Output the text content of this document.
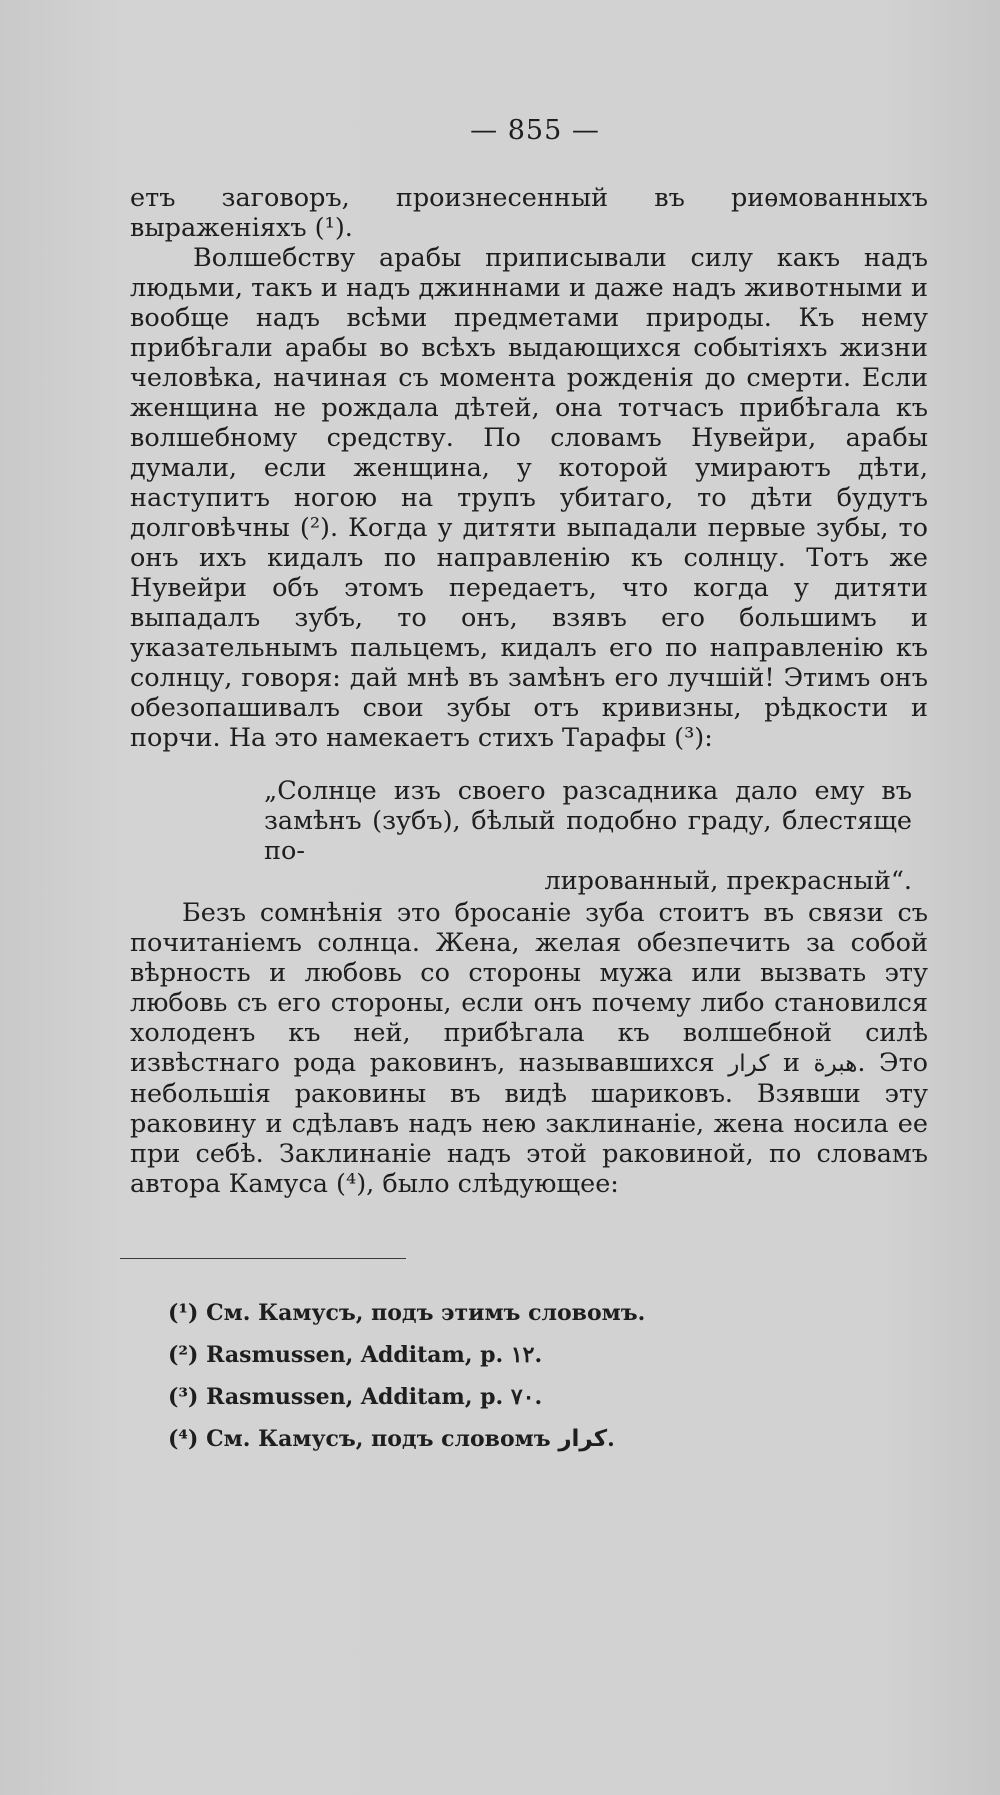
— 855 —

етъ заговоръ, произнесенный въ риѳмованныхъ выраженiяхъ (¹).

Волшебству арабы приписывали силу какъ надъ людьми, такъ и надъ джиннами и даже надъ животными и вообще надъ всѣми предметами природы. Къ нему прибѣгали арабы во всѣхъ выдающихся событiяхъ жизни человѣка, начиная съ момента рожденiя до смерти. Если женщина не рождала дѣтей, она тотчасъ прибѣгала къ волшебному средству. По словамъ Нувейри, арабы думали, если женщина, у которой умираютъ дѣти, наступитъ ногою на трупъ убитаго, то дѣти будутъ долговѣчны (²). Когда у дитяти выпадали первые зубы, то онъ ихъ кидалъ по направленiю къ солнцу. Тотъ же Нувейри объ этомъ передаетъ, что когда у дитяти выпадалъ зубъ, то онъ, взявъ его большимъ и указательнымъ пальцемъ, кидалъ его по направленiю къ солнцу, говоря: дай мнѣ въ замѣнъ его лучшiй! Этимъ онъ обезопашивалъ свои зубы отъ кривизны, рѣдкости и порчи. На это намекаетъ стихъ Тарафы (³):

„Солнце изъ своего разсадника дало ему въ замѣнъ (зубъ), бѣлый подобно граду, блестяще по-

лированный, прекрасный“.

Безъ сомнѣнiя это бросанiе зуба стоитъ въ связи съ почитанiемъ солнца. Жена, желая обезпечить за собой вѣрность и любовь со стороны мужа или вызвать эту любовь съ его стороны, если онъ почему либо становился холоденъ къ ней, прибѣгала къ волшебной силѣ извѣстнаго рода раковинъ, называвшихся كرار и هبرة. Это небольшiя раковины въ видѣ шариковъ. Взявши эту раковину и сдѣлавъ надъ нею заклинанiе, жена носила ее при себѣ. Заклинанiе надъ этой раковиной, по словамъ автора Камуса (⁴), было слѣдующее:

(¹) См. Камусъ, подъ этимъ словомъ.
(²) Rasmussen, Additam, p. ١٢.
(³) Rasmussen, Additam, p. ٧٠.
(⁴) См. Камусъ, подъ словомъ كرار.
